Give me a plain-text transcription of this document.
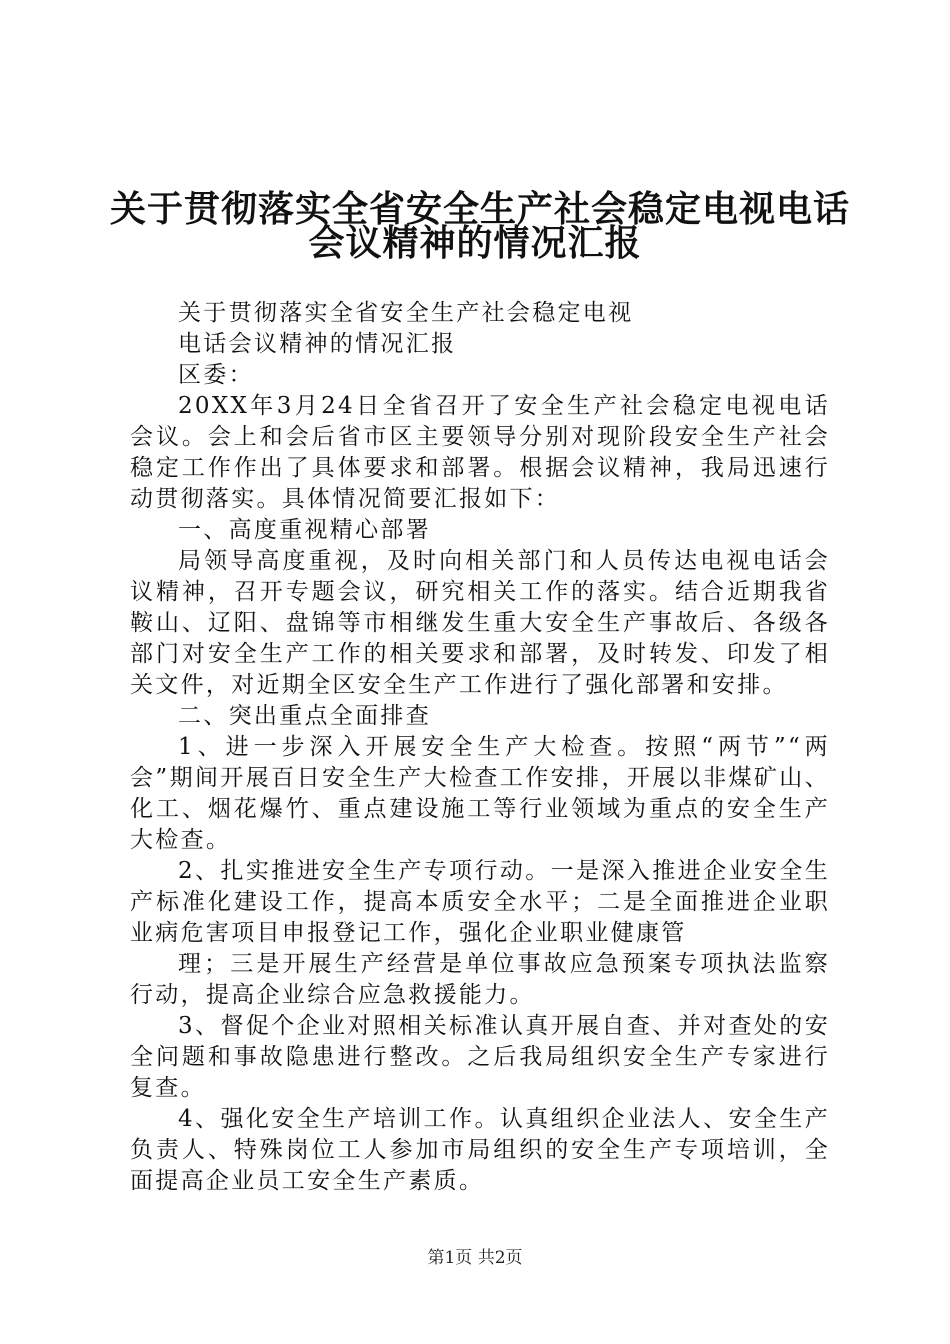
关于贯彻落实全省安全生产社会稳定电视电话
会议精神的情况汇报

关于贯彻落实全省安全生产社会稳定电视

电话会议精神的情况汇报

区委：

20XX年3月24日全省召开了安全生产社会稳定电视电话会议。会上和会后省市区主要领导分别对现阶段安全生产社会稳定工作作出了具体要求和部署。根据会议精神，我局迅速行动贯彻落实。具体情况简要汇报如下：

一、高度重视精心部署

局领导高度重视，及时向相关部门和人员传达电视电话会议精神，召开专题会议，研究相关工作的落实。结合近期我省鞍山、辽阳、盘锦等市相继发生重大安全生产事故后、各级各部门对安全生产工作的相关要求和部署，及时转发、印发了相关文件，对近期全区安全生产工作进行了强化部署和安排。

二、突出重点全面排查

1、进一步深入开展安全生产大检查。按照“两节”“两会”期间开展百日安全生产大检查工作安排，开展以非煤矿山、化工、烟花爆竹、重点建设施工等行业领域为重点的安全生产大检查。

2、扎实推进安全生产专项行动。一是深入推进企业安全生产标准化建设工作，提高本质安全水平；二是全面推进企业职业病危害项目申报登记工作，强化企业职业健康管

理；三是开展生产经营是单位事故应急预案专项执法监察行动，提高企业综合应急救援能力。

3、督促个企业对照相关标准认真开展自查、并对查处的安全问题和事故隐患进行整改。之后我局组织安全生产专家进行复查。

4、强化安全生产培训工作。认真组织企业法人、安全生产负责人、特殊岗位工人参加市局组织的安全生产专项培训，全面提高企业员工安全生产素质。

第1页 共2页
